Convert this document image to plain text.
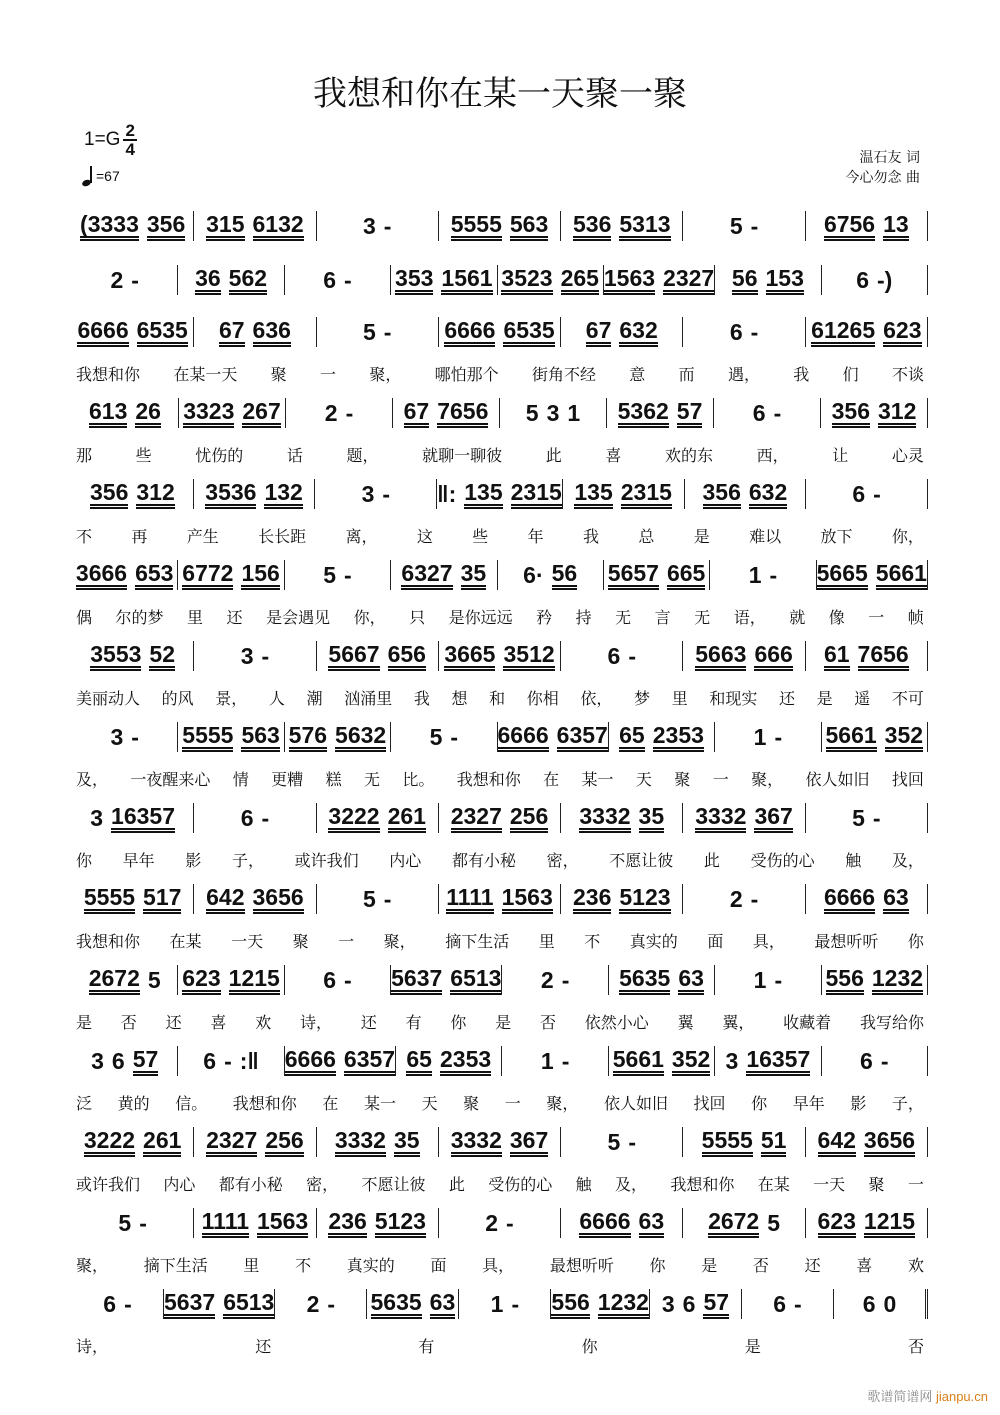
我想和你在某一天聚一聚
$1=G \frac{2}{4}$
=67
温石友 词
今心勿念 曲
(3333 356 315 6132	3 -	5555 563 536 5313	5 -	6756 13
2 - 36 562 6 - 353 1561 3523 265 1563 2327 56 153 6 -)
6666 6535 67 636	5 - 6666 6535 67 632	6 - 61265 623
我想和你 在某一天 聚 一 聚， 哪怕那个 街角不经 意 而 遇， 我 们 不谈
613 26 3323 267 2 - 67 7656 5 3 1 5362 57 6 - 356 312
那	些	忧伤的	话	题，	就聊一聊彼	此	喜	欢的东	西，	让	心灵
356 312 3536 132	3 - ‖: 135 2315 135 2315 356 632	6 -
不 再 产生 长长距 离， 这 些 年 我 总 是 难以 放下 你，
3666 653 6772 156 5 - 6327 35 6· 56 5657 665 1 - 5665 5661
偶 尔的梦 里 还 是会遇见 你， 只 是你远远 矜 持 无 言 无 语， 就 像 一 帧
3553 52	3 -	5667 656 3665 3512 6 -	5663 666 61 7656
美丽动人 的风 景， 人 潮 汹涌里 我 想 和 你相 依， 梦 里 和现实 还 是 遥 不可
3 - 5555 563 576 5632 5 - 6666 6357 65 2353 1 - 5661 352
及， 一夜醒来心 情 更糟 糕 无 比。 我想和你 在 某一 天 聚 一 聚， 依人如旧 找回
3 16357	6 -	3222 261 2327 256 3332 35 3332 367	5 -
你 早年 影 子， 或许我们 内心 都有小秘 密， 不愿让彼 此 受伤的心 触 及，
5555 517 642 3656	5 - 1111 1563 236 5123	2 -	6666 63
我想和你 在某 一天 聚 一 聚， 摘下生活 里 不 真实的 面 具， 最想听听 你
2672 5 623 1215 6 - 5637 6513 2 - 5635 63 1 - 556 1232
是 否 还 喜 欢 诗， 还 有 你 是 否 依然小心 翼 翼， 收藏着 我写给你
3 6 57 6 - :‖ 6666 6357 65 2353 1 - 5661 352 3 16357 6 -
泛 黄的 信。 我想和你 在 某一 天 聚 一 聚， 依人如旧 找回 你 早年 影 子，
3222 261 2327 256 3332 35 3332 367	5 -	5555 51 642 3656
或许我们 内心 都有小秘 密， 不愿让彼 此 受伤的心 触 及， 我想和你 在某 一天 聚 一
5 - 1111 1563 236 5123	2 -	6666 63 2672 5 623 1215
聚， 摘下生活 里 不 真实的 面 具， 最想听听 你 是 否 还 喜 欢
6 - 5637 6513 2 - 5635 63 1 - 556 1232 3 6 57 6 -	6 0
诗，	还	有	你	是	否
歌谱简谱网 jianpu.cn
